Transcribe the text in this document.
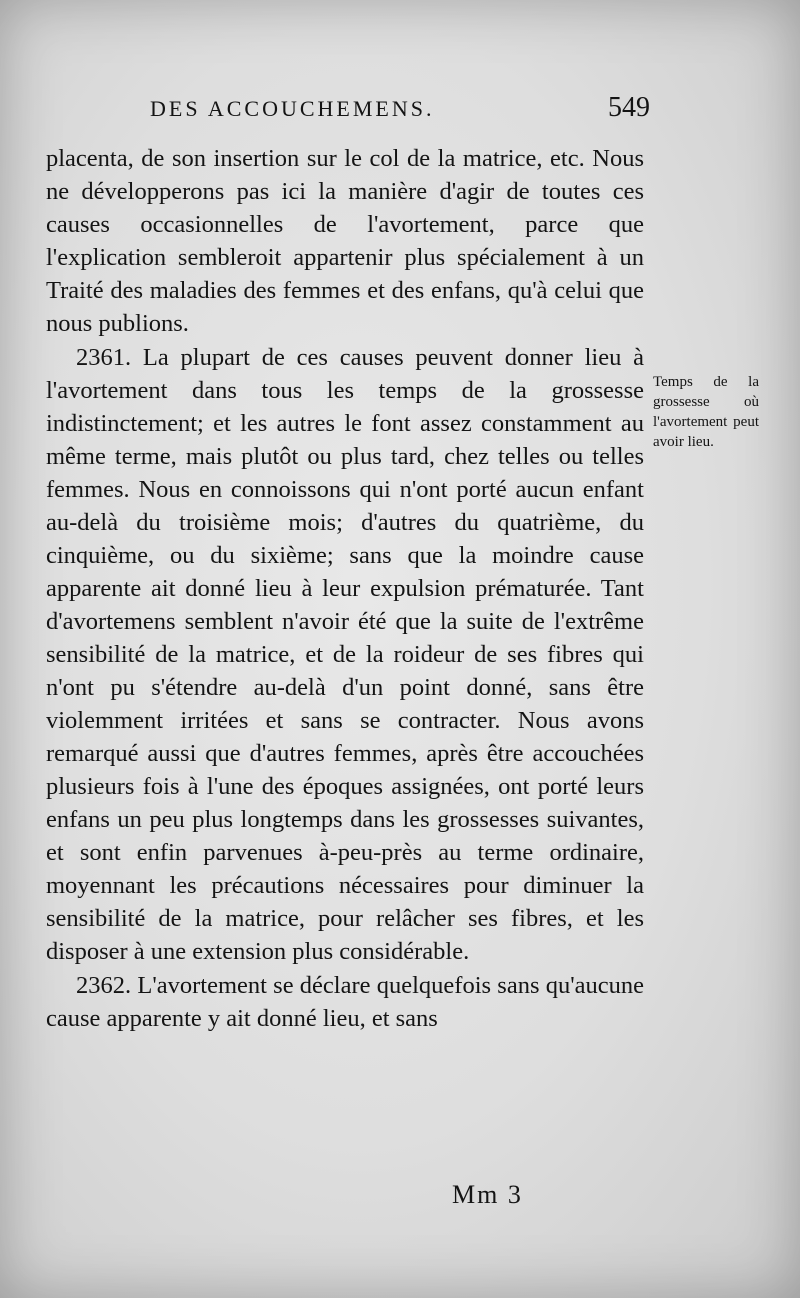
DES ACCOUCHEMENS.	549

placenta, de son insertion sur le col de la matrice, etc. Nous ne développerons pas ici la manière d'agir de toutes ces causes occasionnelles de l'avortement, parce que l'explication sembleroit appartenir plus spécialement à un Traité des maladies des femmes et des enfans, qu'à celui que nous publions.

2361. La plupart de ces causes peuvent donner lieu à l'avortement dans tous les temps de la grossesse indistinctement; et les autres le font assez constamment au même terme, mais plutôt ou plus tard, chez telles ou telles femmes. Nous en connoissons qui n'ont porté aucun enfant au-delà du troisième mois; d'autres du quatrième, du cinquième, ou du sixième; sans que la moindre cause apparente ait donné lieu à leur expulsion prématurée. Tant d'avortemens semblent n'avoir été que la suite de l'extrême sensibilité de la matrice, et de la roideur de ses fibres qui n'ont pu s'étendre au-delà d'un point donné, sans être violemment irritées et sans se contracter. Nous avons remarqué aussi que d'autres femmes, après être accouchées plusieurs fois à l'une des époques assignées, ont porté leurs enfans un peu plus longtemps dans les grossesses suivantes, et sont enfin parvenues à-peu-près au terme ordinaire, moyennant les précautions nécessaires pour diminuer la sensibilité de la matrice, pour relâcher ses fibres, et les disposer à une extension plus considérable.

2362. L'avortement se déclare quelquefois sans qu'aucune cause apparente y ait donné lieu, et sans

Temps de la grossesse où l'avortement peut avoir lieu.
Mm 3
